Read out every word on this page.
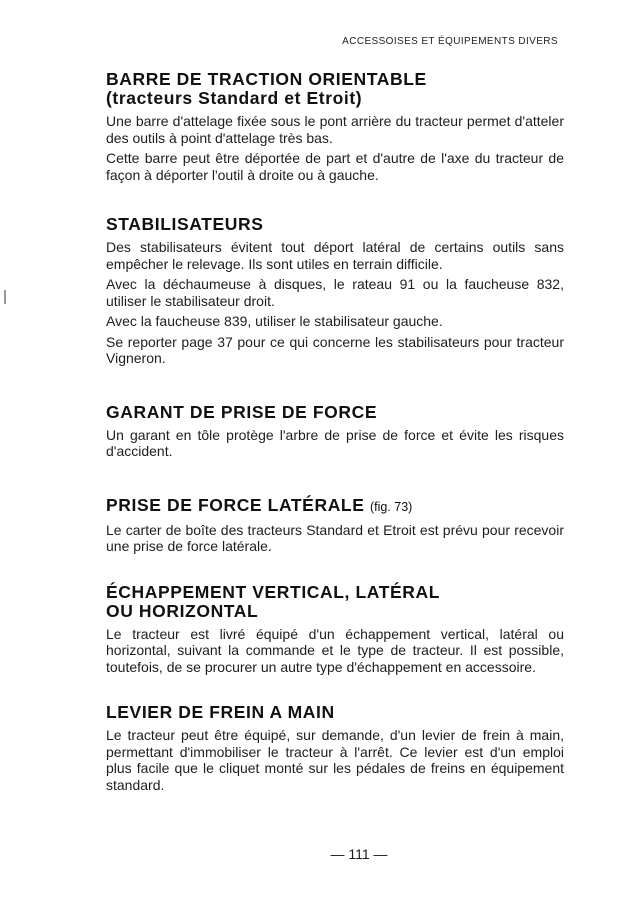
ACCESSOISES ET ÉQUIPEMENTS DIVERS
BARRE DE TRACTION ORIENTABLE
(tracteurs Standard et Etroit)

Une barre d'attelage fixée sous le pont arrière du tracteur permet d'atteler des outils à point d'attelage très bas.

Cette barre peut être déportée de part et d'autre de l'axe du tracteur de façon à déporter l'outil à droite ou à gauche.

STABILISATEURS

Des stabilisateurs évitent tout déport latéral de certains outils sans empêcher le relevage. Ils sont utiles en terrain difficile.

Avec la déchaumeuse à disques, le rateau 91 ou la faucheuse 832, utiliser le stabilisateur droit.

Avec la faucheuse 839, utiliser le stabilisateur gauche.

Se reporter page 37 pour ce qui concerne les stabilisateurs pour tracteur Vigneron.

GARANT DE PRISE DE FORCE

Un garant en tôle protège l'arbre de prise de force et évite les risques d'accident.

PRISE DE FORCE LATÉRALE (fig. 73)

Le carter de boîte des tracteurs Standard et Etroit est prévu pour recevoir une prise de force latérale.

ÉCHAPPEMENT VERTICAL, LATÉRAL
OU HORIZONTAL

Le tracteur est livré équipé d'un échappement vertical, latéral ou horizontal, suivant la commande et le type de tracteur. Il est possible, toutefois, de se procurer un autre type d'échappement en accessoire.

LEVIER DE FREIN A MAIN

Le tracteur peut être équipé, sur demande, d'un levier de frein à main, permettant d'immobiliser le tracteur à l'arrêt. Ce levier est d'un emploi plus facile que le cliquet monté sur les pédales de freins en équipement standard.

— 111 —
